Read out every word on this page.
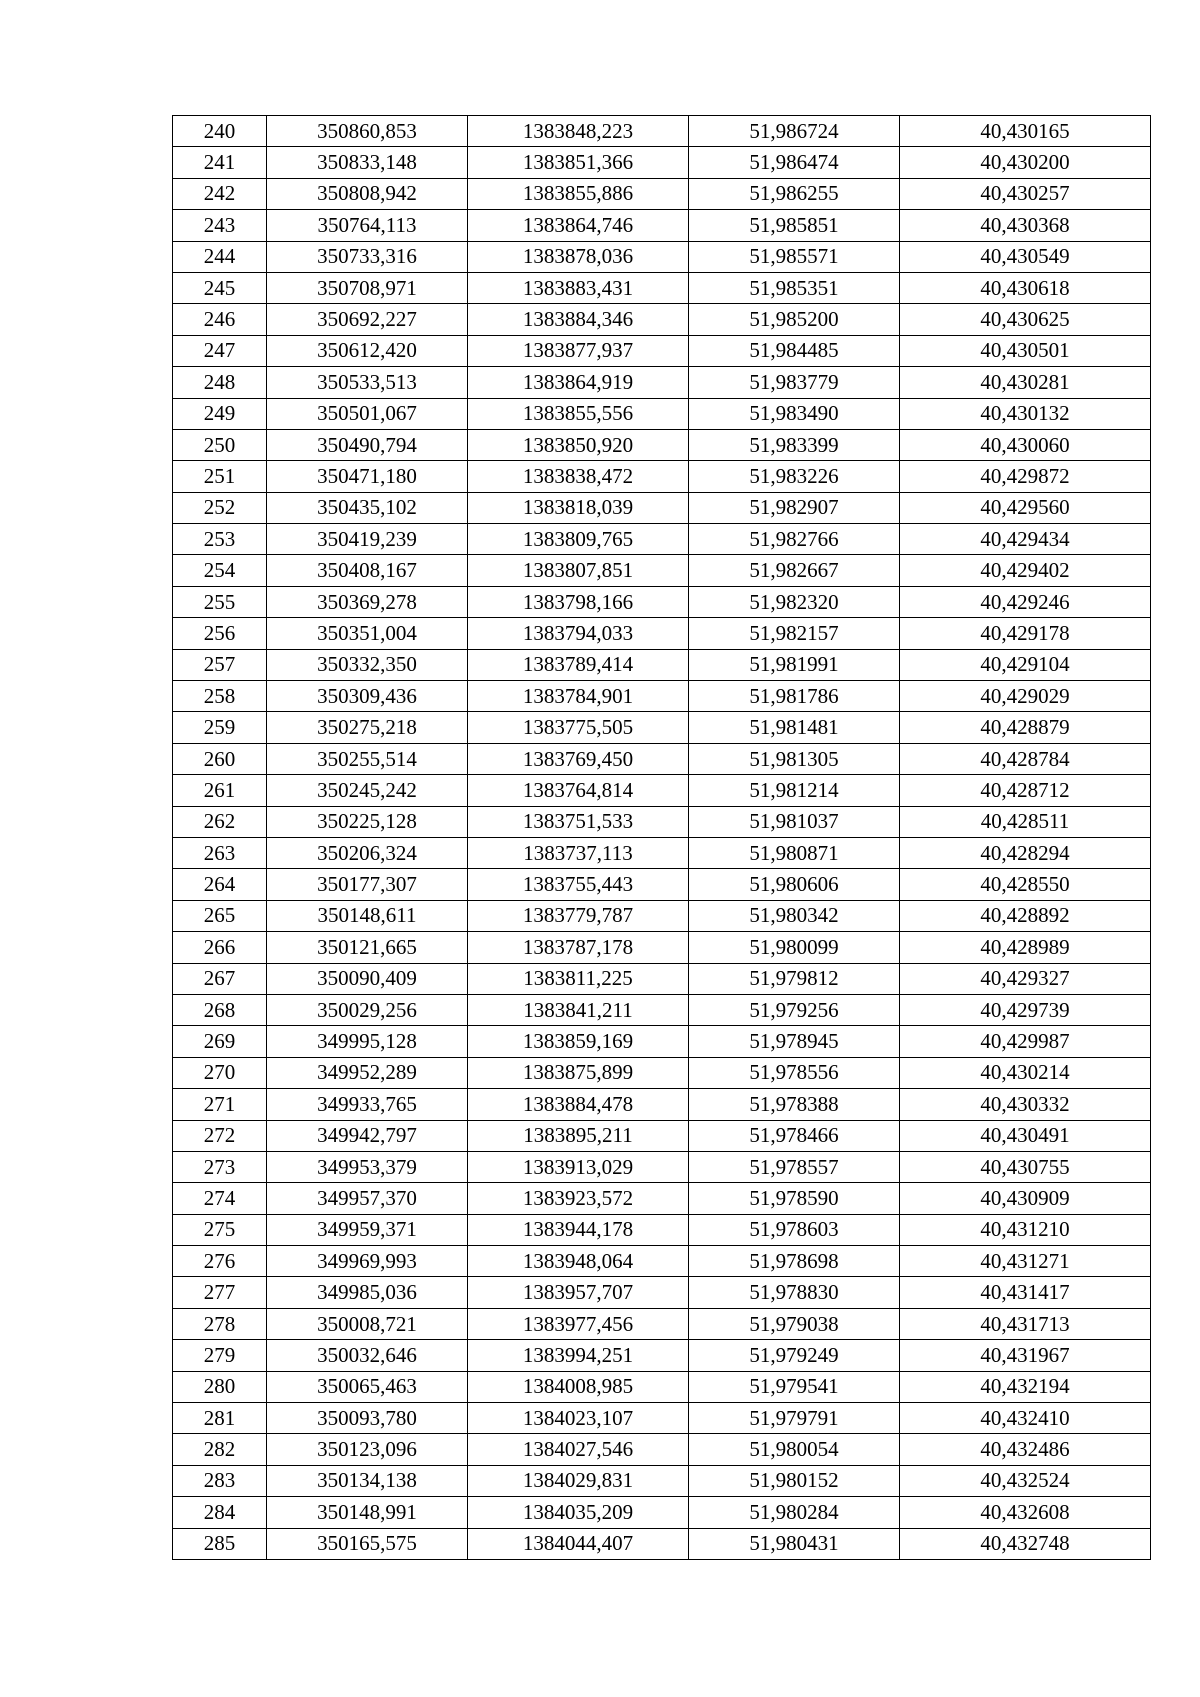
240	350860,853	1383848,223	51,986724	40,430165
241	350833,148	1383851,366	51,986474	40,430200
242	350808,942	1383855,886	51,986255	40,430257
243	350764,113	1383864,746	51,985851	40,430368
244	350733,316	1383878,036	51,985571	40,430549
245	350708,971	1383883,431	51,985351	40,430618
246	350692,227	1383884,346	51,985200	40,430625
247	350612,420	1383877,937	51,984485	40,430501
248	350533,513	1383864,919	51,983779	40,430281
249	350501,067	1383855,556	51,983490	40,430132
250	350490,794	1383850,920	51,983399	40,430060
251	350471,180	1383838,472	51,983226	40,429872
252	350435,102	1383818,039	51,982907	40,429560
253	350419,239	1383809,765	51,982766	40,429434
254	350408,167	1383807,851	51,982667	40,429402
255	350369,278	1383798,166	51,982320	40,429246
256	350351,004	1383794,033	51,982157	40,429178
257	350332,350	1383789,414	51,981991	40,429104
258	350309,436	1383784,901	51,981786	40,429029
259	350275,218	1383775,505	51,981481	40,428879
260	350255,514	1383769,450	51,981305	40,428784
261	350245,242	1383764,814	51,981214	40,428712
262	350225,128	1383751,533	51,981037	40,428511
263	350206,324	1383737,113	51,980871	40,428294
264	350177,307	1383755,443	51,980606	40,428550
265	350148,611	1383779,787	51,980342	40,428892
266	350121,665	1383787,178	51,980099	40,428989
267	350090,409	1383811,225	51,979812	40,429327
268	350029,256	1383841,211	51,979256	40,429739
269	349995,128	1383859,169	51,978945	40,429987
270	349952,289	1383875,899	51,978556	40,430214
271	349933,765	1383884,478	51,978388	40,430332
272	349942,797	1383895,211	51,978466	40,430491
273	349953,379	1383913,029	51,978557	40,430755
274	349957,370	1383923,572	51,978590	40,430909
275	349959,371	1383944,178	51,978603	40,431210
276	349969,993	1383948,064	51,978698	40,431271
277	349985,036	1383957,707	51,978830	40,431417
278	350008,721	1383977,456	51,979038	40,431713
279	350032,646	1383994,251	51,979249	40,431967
280	350065,463	1384008,985	51,979541	40,432194
281	350093,780	1384023,107	51,979791	40,432410
282	350123,096	1384027,546	51,980054	40,432486
283	350134,138	1384029,831	51,980152	40,432524
284	350148,991	1384035,209	51,980284	40,432608
285	350165,575	1384044,407	51,980431	40,432748
